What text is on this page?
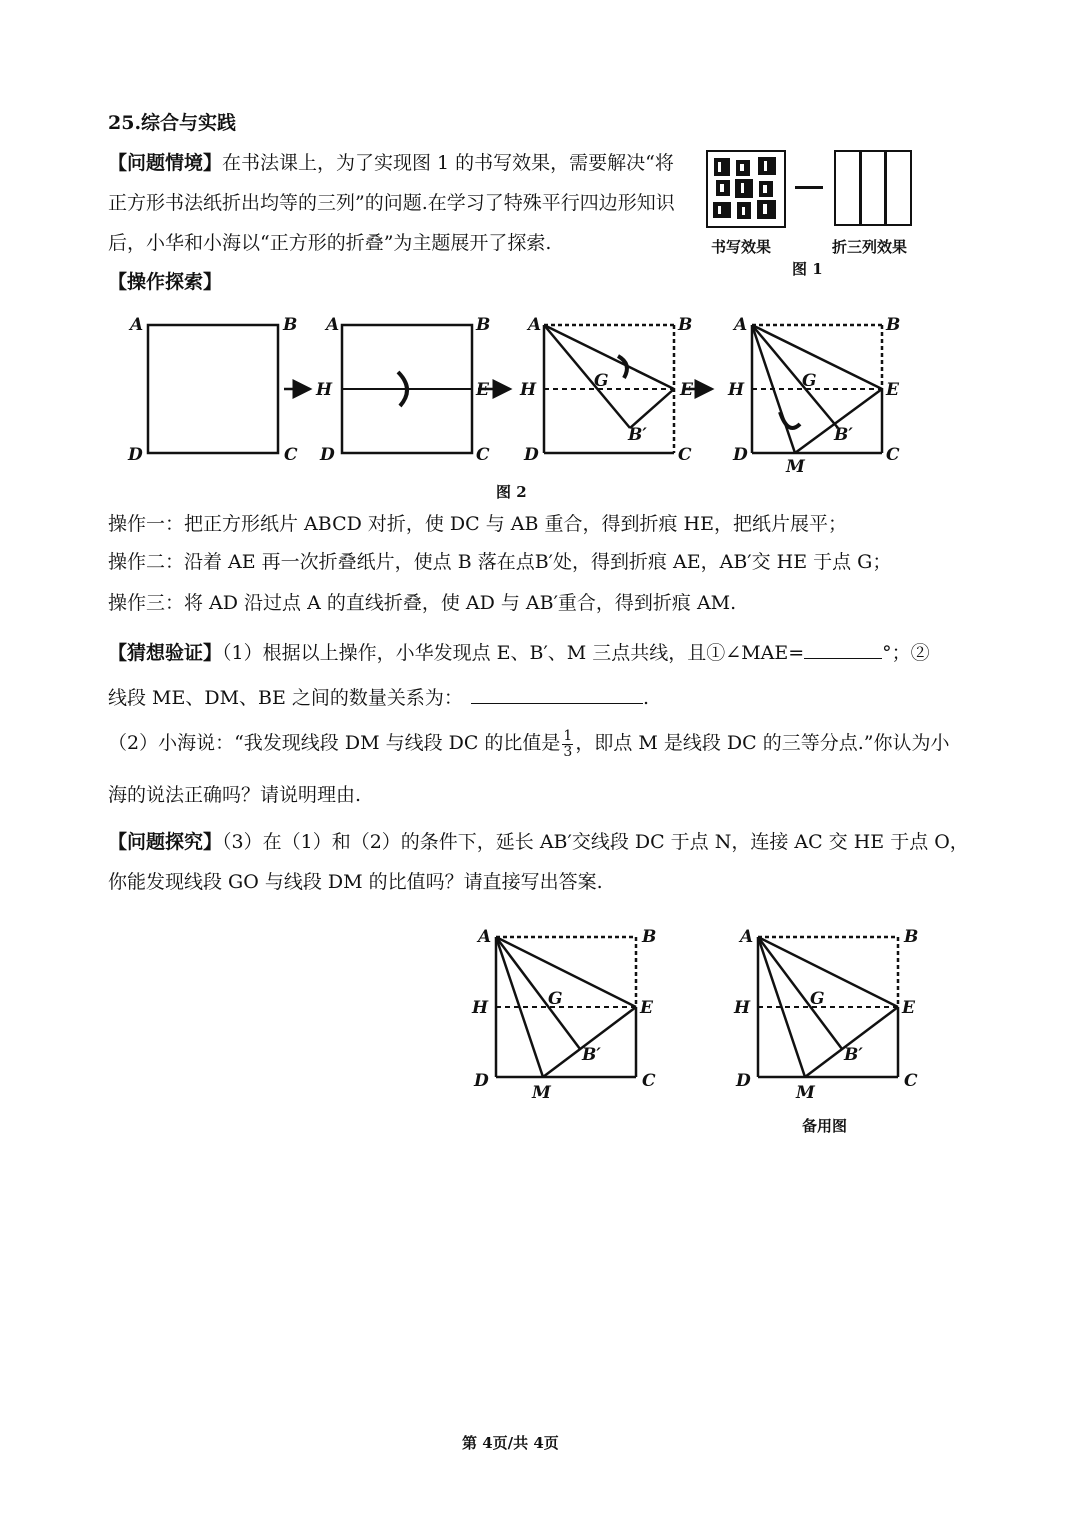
25.综合与实践
【问题情境】在书法课上，为了实现图 1 的书写效果，需要解决“将
正方形书法纸折出均等的三列”的问题.在学习了特殊平行四边形知识
后，小华和小海以“正方形的折叠”为主题展开了探索.	书写效果	折三列效果
图 1
【操作探索】
A	B
D	C
A	B
H	E
D	C
A	B
H	E
G
B′
D	C
A	B
H	E
G
B′
D	C
M
A	B
H	E
G
B′
D	C
M
A	B
H	E
G
B′
D	C
M
图 2
操作一：把正方形纸片 ABCD 对折，使 DC 与 AB 重合，得到折痕 HE，把纸片展平；
操作二：沿着 AE 再一次折叠纸片，使点 B 落在点B′处，得到折痕 AE，AB′交 HE 于点 G；
操作三：将 AD 沿过点 A 的直线折叠，使 AD 与 AB′重合，得到折痕 AM.
【猜想验证】（1）根据以上操作，小华发现点 E、B′、M 三点共线，且①∠MAE=	°；②
线段 ME、DM、BE 之间的数量关系为：	.
（2）小海说：“我发现线段 DM 与线段 DC 的比值是 $\frac{1}{3}$ ，即点 M 是线段 DC 的三等分点.”你认为小
海的说法正确吗？请说明理由.
【问题探究】（3）在（1）和（2）的条件下，延长 AB′交线段 DC 于点 N，连接 AC 交 HE 于点 O，
你能发现线段 GO 与线段 DM 的比值吗？请直接写出答案.
备用图
第 4页/共 4页
